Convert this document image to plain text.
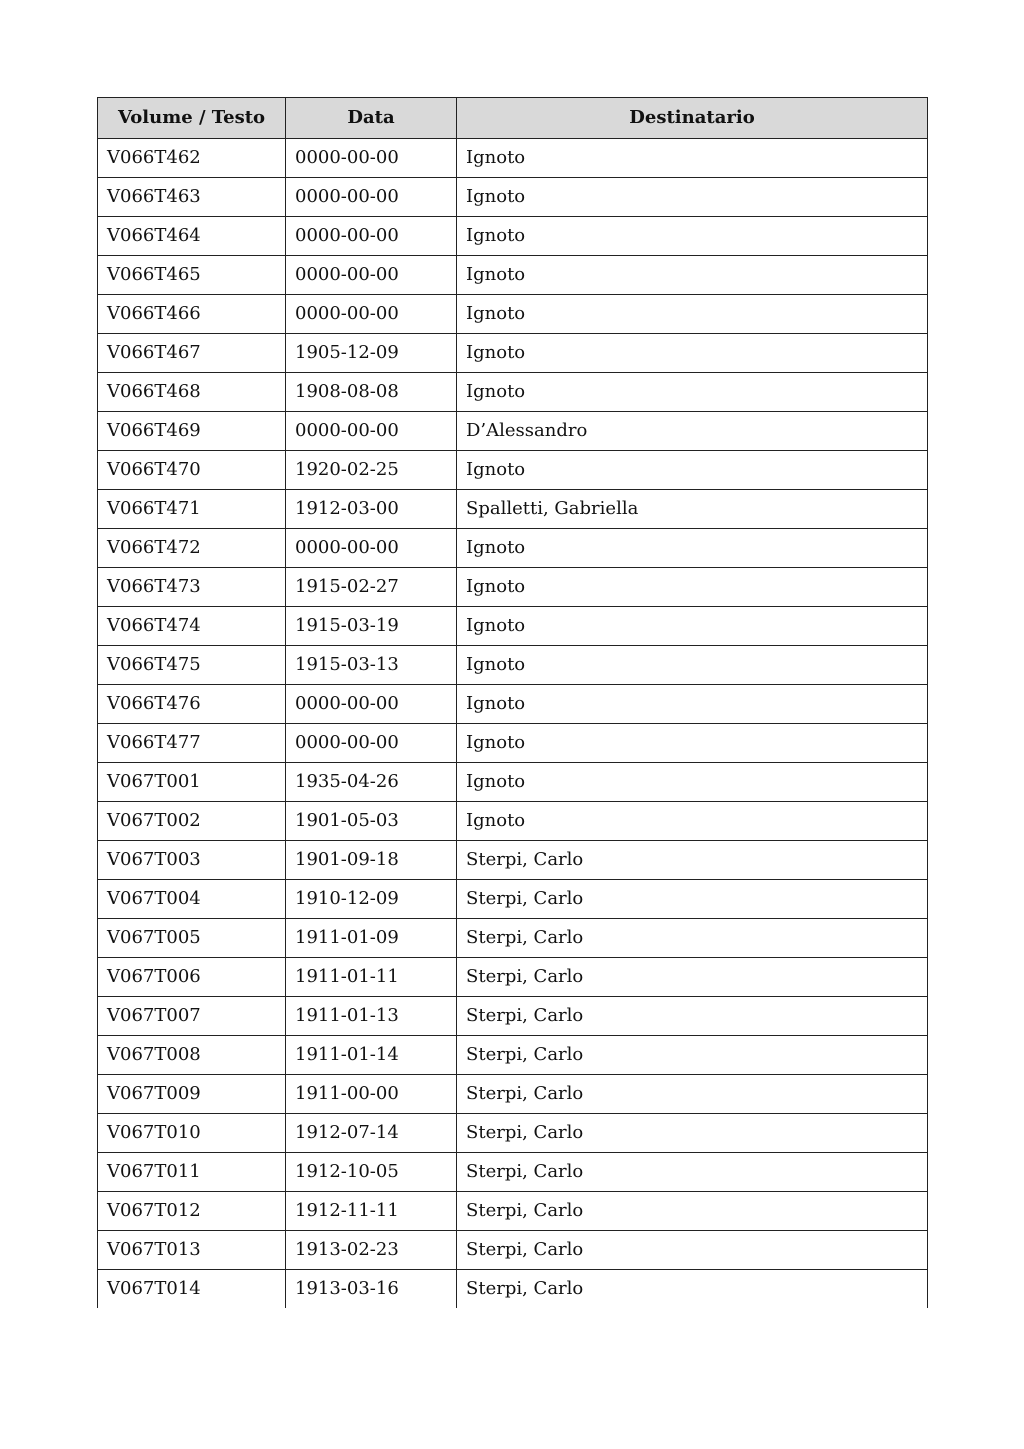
Volume / Testo	Data	Destinatario
V066T462	0000-00-00	Ignoto
V066T463	0000-00-00	Ignoto
V066T464	0000-00-00	Ignoto
V066T465	0000-00-00	Ignoto
V066T466	0000-00-00	Ignoto
V066T467	1905-12-09	Ignoto
V066T468	1908-08-08	Ignoto
V066T469	0000-00-00	D’Alessandro
V066T470	1920-02-25	Ignoto
V066T471	1912-03-00	Spalletti, Gabriella
V066T472	0000-00-00	Ignoto
V066T473	1915-02-27	Ignoto
V066T474	1915-03-19	Ignoto
V066T475	1915-03-13	Ignoto
V066T476	0000-00-00	Ignoto
V066T477	0000-00-00	Ignoto
V067T001	1935-04-26	Ignoto
V067T002	1901-05-03	Ignoto
V067T003	1901-09-18	Sterpi, Carlo
V067T004	1910-12-09	Sterpi, Carlo
V067T005	1911-01-09	Sterpi, Carlo
V067T006	1911-01-11	Sterpi, Carlo
V067T007	1911-01-13	Sterpi, Carlo
V067T008	1911-01-14	Sterpi, Carlo
V067T009	1911-00-00	Sterpi, Carlo
V067T010	1912-07-14	Sterpi, Carlo
V067T011	1912-10-05	Sterpi, Carlo
V067T012	1912-11-11	Sterpi, Carlo
V067T013	1913-02-23	Sterpi, Carlo
V067T014	1913-03-16	Sterpi, Carlo
